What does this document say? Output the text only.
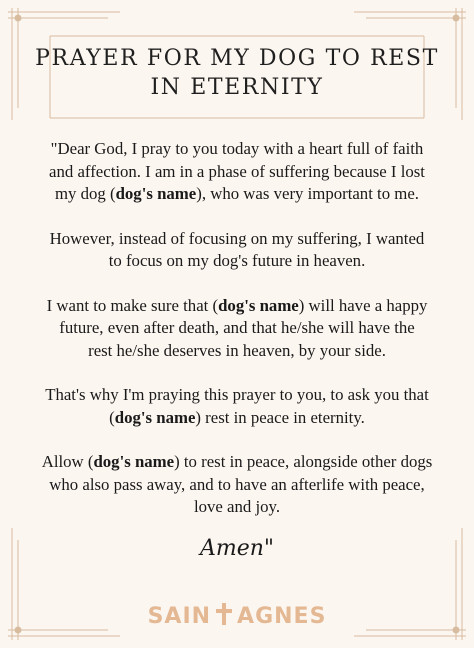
PRAYER FOR MY DOG TO REST
IN ETERNITY

"Dear God, I pray to you today with a heart full of faith
and affection. I am in a phase of suffering because I lost
my dog (dog's name), who was very important to me.

However, instead of focusing on my suffering, I wanted
to focus on my dog's future in heaven.

I want to make sure that (dog's name) will have a happy
future, even after death, and that he/she will have the
rest he/she deserves in heaven, by your side.

That's why I'm praying this prayer to you, to ask you that
(dog's name) rest in peace in eternity.

Allow (dog's name) to rest in peace, alongside other dogs
who also pass away, and to have an afterlife with peace,
love and joy.

Amen"
SAIN AGNES
